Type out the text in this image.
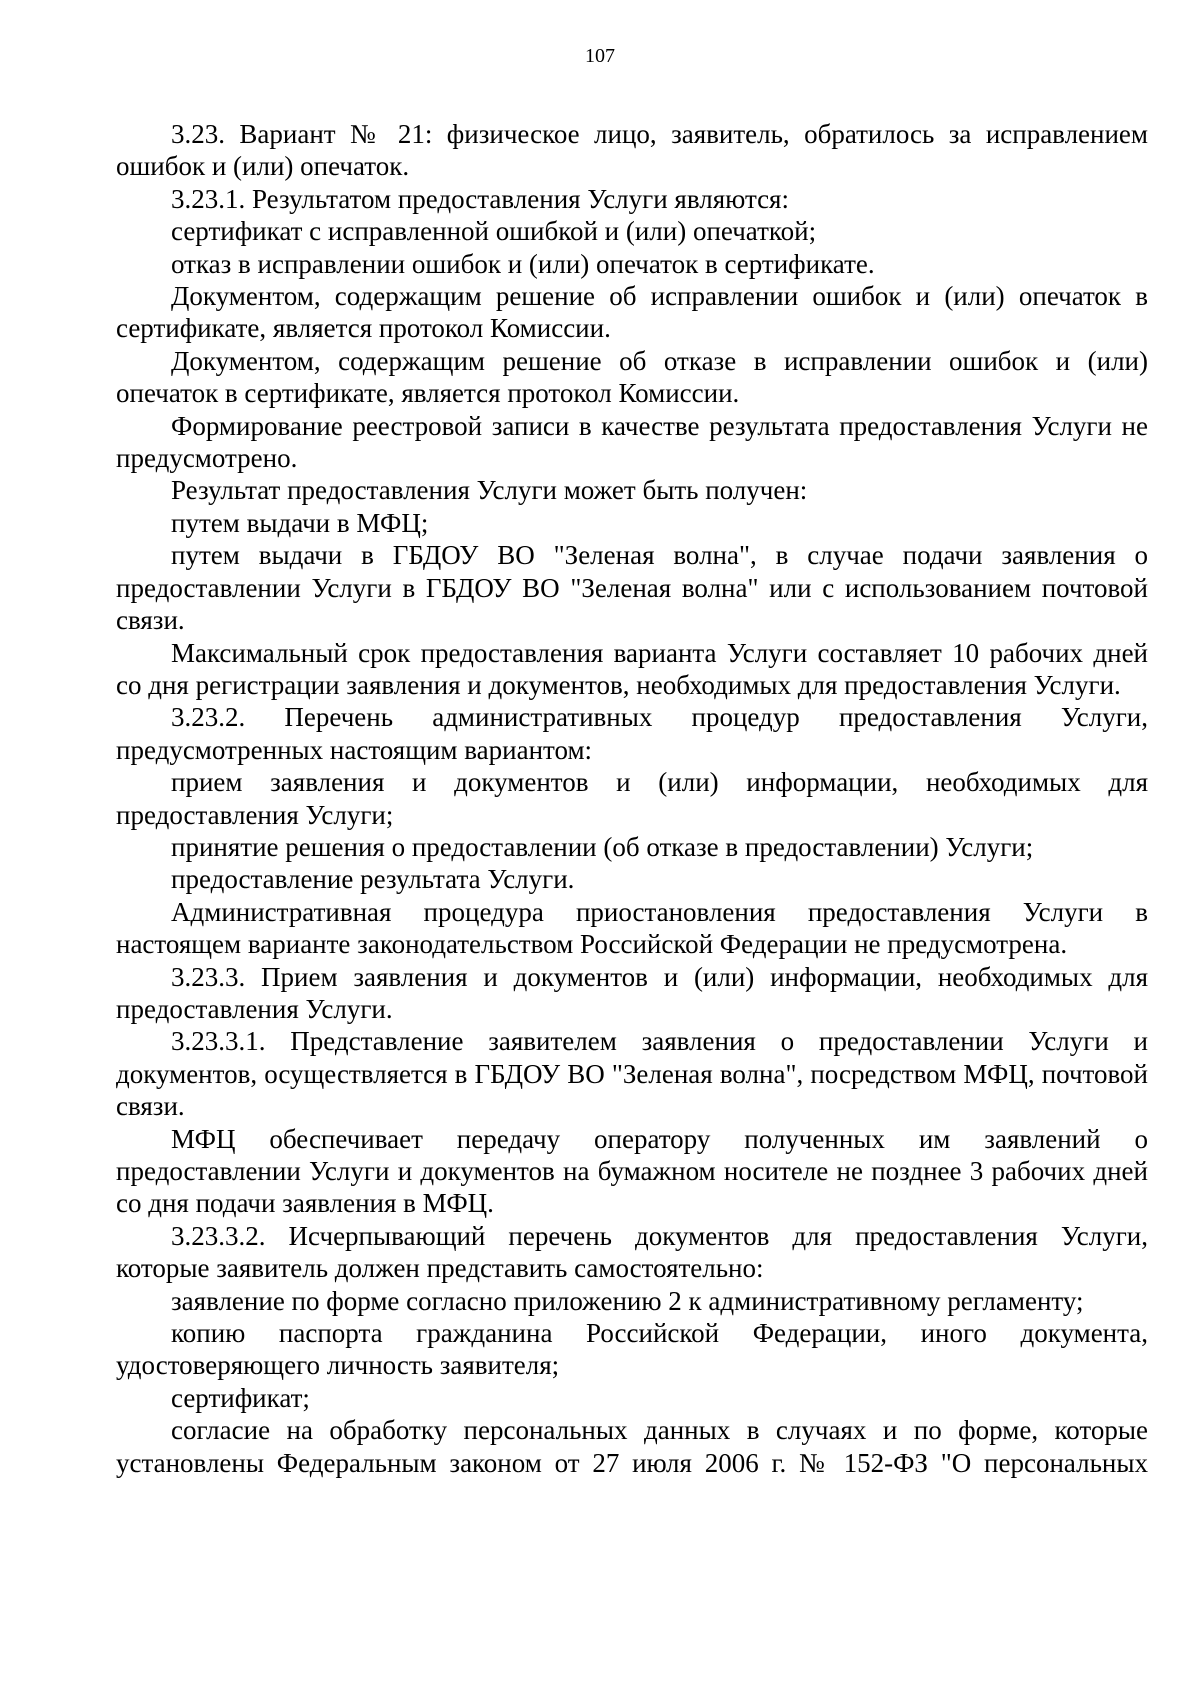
107

3.23. Вариант № 21: физическое лицо, заявитель, обратилось за исправлением ошибок и (или) опечаток.

3.23.1. Результатом предоставления Услуги являются:

сертификат с исправленной ошибкой и (или) опечаткой;

отказ в исправлении ошибок и (или) опечаток в сертификате.

Документом, содержащим решение об исправлении ошибок и (или) опечаток в сертификате, является протокол Комиссии.

Документом, содержащим решение об отказе в исправлении ошибок и (или) опечаток в сертификате, является протокол Комиссии.

Формирование реестровой записи в качестве результата предоставления Услуги не предусмотрено.

Результат предоставления Услуги может быть получен:

путем выдачи в МФЦ;

путем выдачи в ГБДОУ ВО "Зеленая волна", в случае подачи заявления о предоставлении Услуги в ГБДОУ ВО "Зеленая волна" или с использованием почтовой связи.

Максимальный срок предоставления варианта Услуги составляет 10 рабочих дней со дня регистрации заявления и документов, необходимых для предоставления Услуги.

3.23.2. Перечень административных процедур предоставления Услуги, предусмотренных настоящим вариантом:

прием заявления и документов и (или) информации, необходимых для предоставления Услуги;

принятие решения о предоставлении (об отказе в предоставлении) Услуги;

предоставление результата Услуги.

Административная процедура приостановления предоставления Услуги в настоящем варианте законодательством Российской Федерации не предусмотрена.

3.23.3. Прием заявления и документов и (или) информации, необходимых для предоставления Услуги.

3.23.3.1. Представление заявителем заявления о предоставлении Услуги и документов, осуществляется в ГБДОУ ВО "Зеленая волна", посредством МФЦ, почтовой связи.

МФЦ обеспечивает передачу оператору полученных им заявлений о предоставлении Услуги и документов на бумажном носителе не позднее 3 рабочих дней со дня подачи заявления в МФЦ.

3.23.3.2. Исчерпывающий перечень документов для предоставления Услуги, которые заявитель должен представить самостоятельно:

заявление по форме согласно приложению 2 к административному регламенту;

копию паспорта гражданина Российской Федерации, иного документа, удостоверяющего личность заявителя;

сертификат;

согласие на обработку персональных данных в случаях и по форме, которые установлены Федеральным законом от 27 июля 2006 г. № 152-ФЗ "О персональных
